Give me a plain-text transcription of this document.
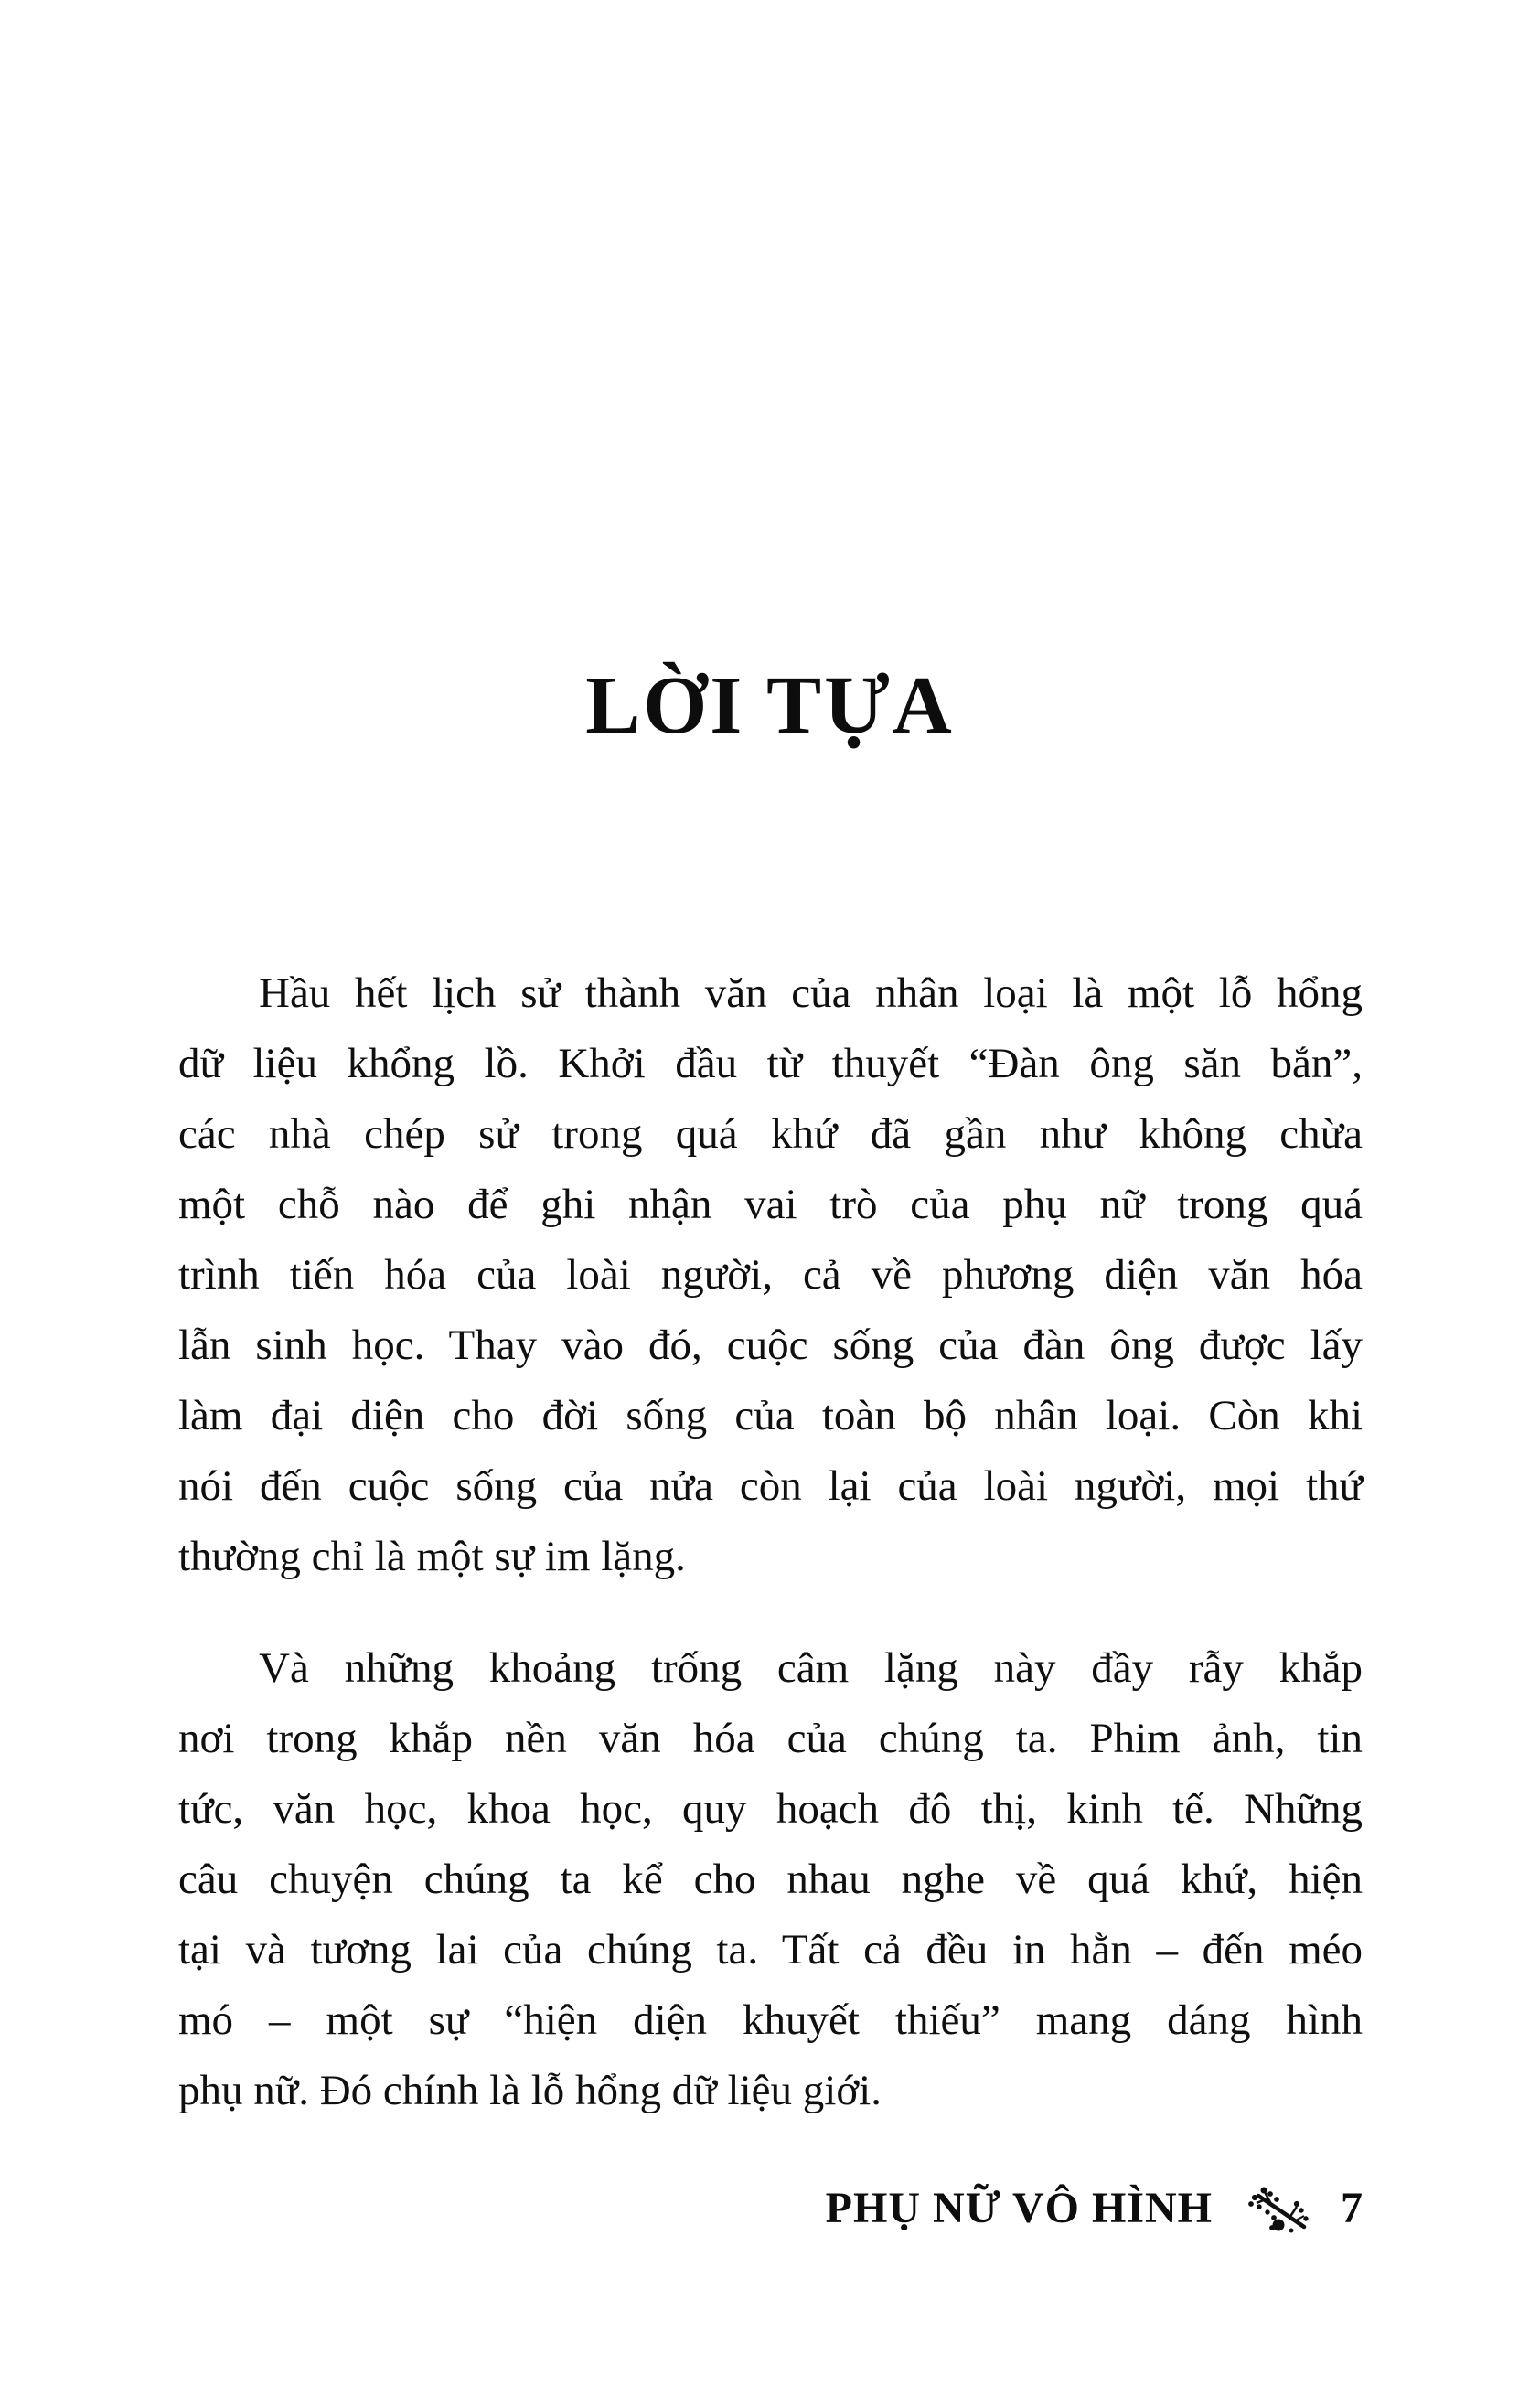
LỜI TỰA
Hầu hết lịch sử thành văn của nhân loại là một lỗ hổng
dữ liệu khổng lồ. Khởi đầu từ thuyết “Đàn ông săn bắn”,
các nhà chép sử trong quá khứ đã gần như không chừa
một chỗ nào để ghi nhận vai trò của phụ nữ trong quá
trình tiến hóa của loài người, cả về phương diện văn hóa
lẫn sinh học. Thay vào đó, cuộc sống của đàn ông được lấy
làm đại diện cho đời sống của toàn bộ nhân loại. Còn khi
nói đến cuộc sống của nửa còn lại của loài người, mọi thứ
thường chỉ là một sự im lặng.
Và những khoảng trống câm lặng này đầy rẫy khắp
nơi trong khắp nền văn hóa của chúng ta. Phim ảnh, tin
tức, văn học, khoa học, quy hoạch đô thị, kinh tế. Những
câu chuyện chúng ta kể cho nhau nghe về quá khứ, hiện
tại và tương lai của chúng ta. Tất cả đều in hằn – đến méo
mó – một sự “hiện diện khuyết thiếu” mang dáng hình
phụ nữ. Đó chính là lỗ hổng dữ liệu giới.
PHỤ NỮ VÔ HÌNH	7
